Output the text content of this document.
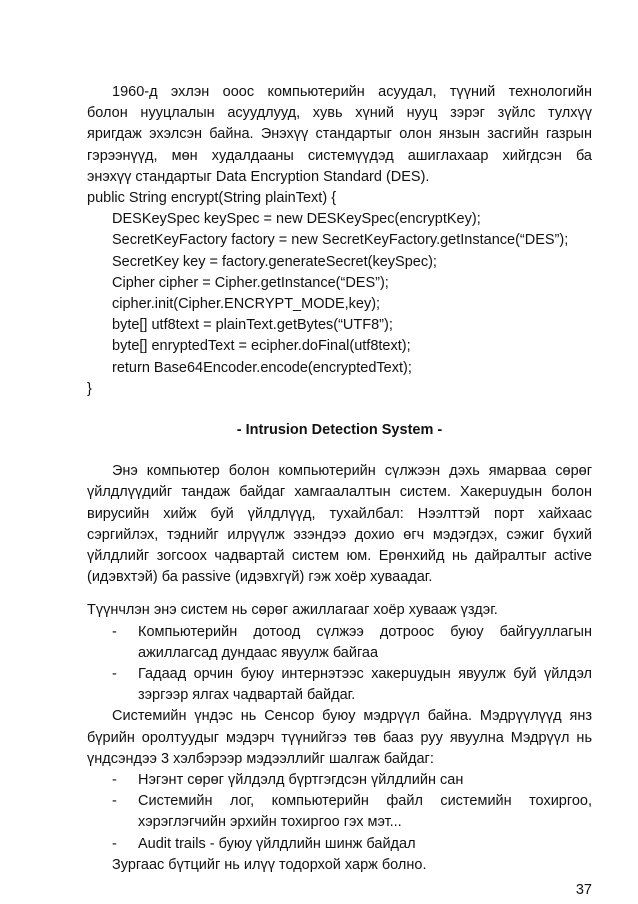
1960-д эхлэн ооос компьютерийн асуудал, түүний технологийн
болон нууцлалын асуудлууд, хувь хүний нууц зэрэг зүйлс тулхүү
яригдаж эхэлсэн байна. Энэхүү стандартыг олон янзын засгийн газрын
гэрээнүүд, мөн худалдааны системүүдэд ашиглахаар хийгдсэн ба
энэхүү стандартыг Data Encryption Standard (DES).
public String encrypt(String plainText) {
DESKeySpec keySpec = new DESKeySpec(encryptKey);
SecretKeyFactory factory = new SecretKeyFactory.getInstance(“DES”);
SecretKey key = factory.generateSecret(keySpec);
Cipher cipher = Cipher.getInstance(“DES”);
cipher.init(Cipher.ENCRYPT_MODE,key);
byte[] utf8text = plainText.getBytes(“UTF8”);
byte[] enryptedText = ecipher.doFinal(utf8text);
return Base64Encoder.encode(encryptedText);
}
- Intrusion Detection System -
Энэ компьютер болон компьютерийн сүлжээн дэхь ямарваа сөрөг
үйлдлүүдийг тандаж байдаг хамгаалалтын систем. Хакерuудын болон
вирусийн хийж буй үйлдлүүд, тухайлбал: Нээлттэй порт хайхаас
сэргийлэх, тэднийг илрүүлж эзэндээ дохио өгч мэдэгдэх, сэжиг бүхий
үйлдлийг зогсоох чадвартай систем юм. Ерөнхийд нь дайралтыг active
(идэвхтэй) ба passive (идэвхгүй) гэж хоёр хуваадаг.
Түүнчлэн энэ систем нь сөрөг ажиллагааг хоёр хувааж үздэг.
- Компьютерийн дотоод сүлжээ дотроос буюу байгууллагын
ажиллагсад дундаас явуулж байгаа
- Гадаад орчин буюу интернэтээс хакерuудын явуулж буй үйлдэл
зэргээр ялгах чадвартай байдаг.
Системийн үндэс нь Сенсор буюу мэдрүүл байна. Мэдрүүлүүд янз
бүрийн оролтуудыг мэдэрч түүнийгээ төв бааз руу явуулна Мэдрүүл нь
үндсэндээ 3 хэлбэрээр мэдээллийг шалгаж байдаг:
- Нэгэнт сөрөг үйлдэлд бүртгэгдсэн үйлдлийн сан
- Системийн лог, компьютерийн файл системийн тохиргоо,
37
хэрэглэгчийн эрхийн тохиргоо гэх мэт...
- Audit trails - буюу үйлдлийн шинж байдал
Зургаас бүтцийг нь илүү тодорхой харж болно.
